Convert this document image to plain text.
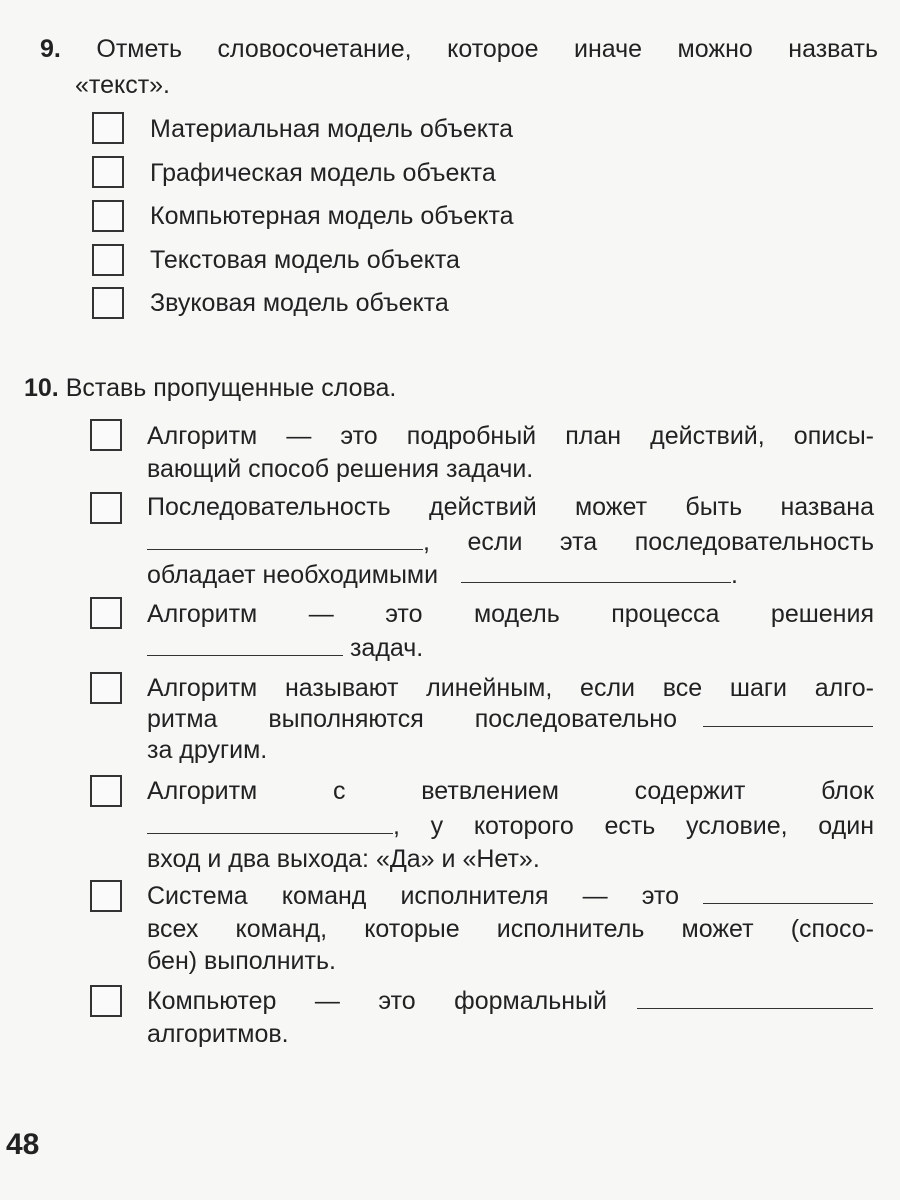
9. Отметь словосочетание, которое иначе можно назвать
«текст».
Материальная модель объекта
Графическая модель объекта
Компьютерная модель объекта
Текстовая модель объекта
Звуковая модель объекта
10. Вставь пропущенные слова.
Алгоритм — это подробный план действий, описы-
вающий способ решения задачи.
Последовательность действий может быть названа
, если эта последовательность
обладает необходимыми	.
Алгоритм — это модель процесса решения
задач.
Алгоритм называют линейным, если все шаги алго-
ритма выполняются последовательно
за другим.
Алгоритм с ветвлением содержит блок
, у которого есть условие, один
вход и два выхода: «Да» и «Нет».
Система команд исполнителя — это
всех команд, которые исполнитель может (спосо-
бен) выполнить.
Компьютер — это формальный
алгоритмов.
48
